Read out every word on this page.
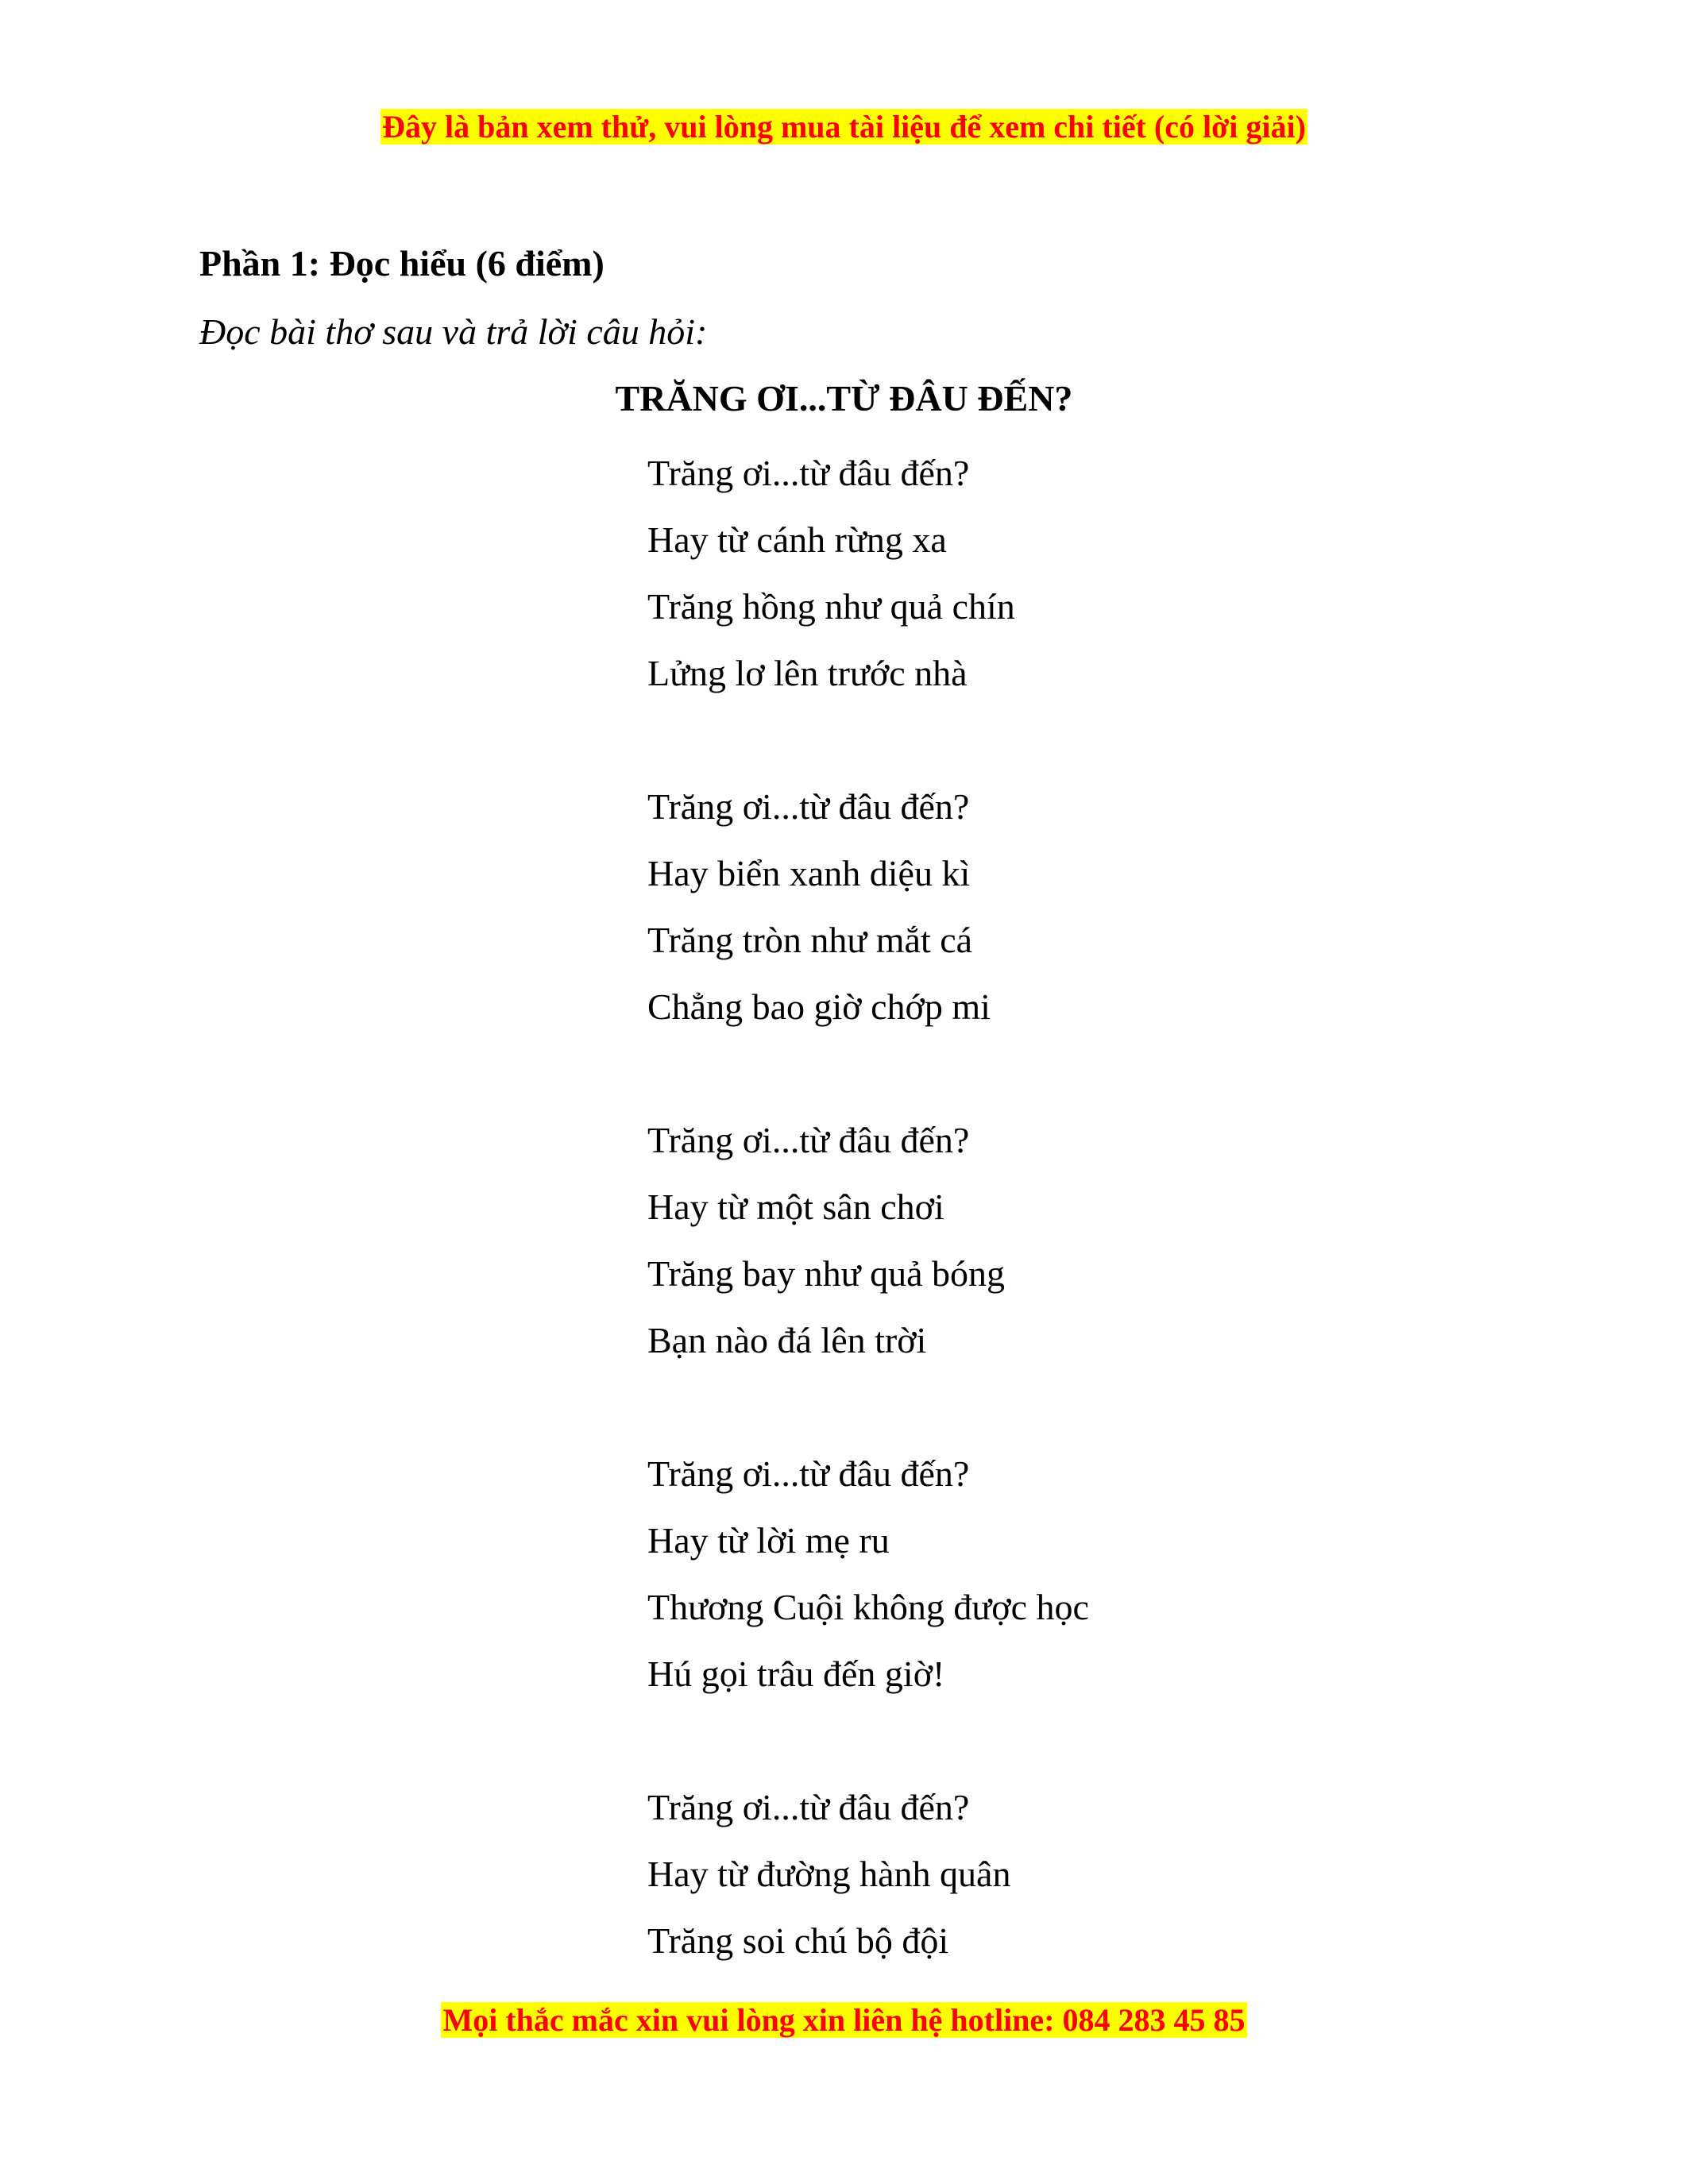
Đây là bản xem thử, vui lòng mua tài liệu để xem chi tiết (có lời giải)
Phần 1: Đọc hiểu (6 điểm)

Đọc bài thơ sau và trả lời câu hỏi:

TRĂNG ƠI...TỪ ĐÂU ĐẾN?
Trăng ơi...từ đâu đến?
Hay từ cánh rừng xa
Trăng hồng như quả chín
Lửng lơ lên trước nhà
Trăng ơi...từ đâu đến?
Hay biển xanh diệu kì
Trăng tròn như mắt cá
Chẳng bao giờ chớp mi
Trăng ơi...từ đâu đến?
Hay từ một sân chơi
Trăng bay như quả bóng
Bạn nào đá lên trời
Trăng ơi...từ đâu đến?
Hay từ lời mẹ ru
Thương Cuội không được học
Hú gọi trâu đến giờ!
Trăng ơi...từ đâu đến?
Hay từ đường hành quân
Trăng soi chú bộ đội
Mọi thắc mắc xin vui lòng xin liên hệ hotline: 084 283 45 85
